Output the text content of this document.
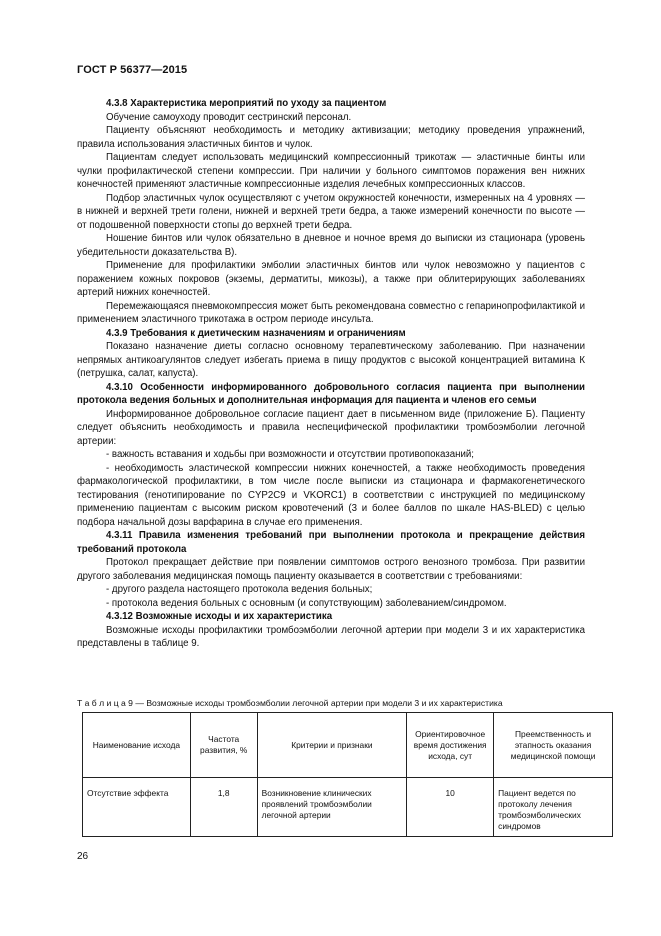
ГОСТ Р 56377—2015

4.3.8 Характеристика мероприятий по уходу за пациентом

Обучение самоуходу проводит сестринский персонал.

Пациенту объясняют необходимость и методику активизации; методику проведения упражнений, правила использования эластичных бинтов и чулок.

Пациентам следует использовать медицинский компрессионный трикотаж — эластичные бинты или чулки профилактической степени компрессии. При наличии у больного симптомов поражения вен нижних конечностей применяют эластичные компрессионные изделия лечебных компрессионных классов.

Подбор эластичных чулок осуществляют с учетом окружностей конечности, измеренных на 4 уровнях — в нижней и верхней трети голени, нижней и верхней трети бедра, а также измерений конечности по высоте — от подошвенной поверхности стопы до верхней трети бедра.

Ношение бинтов или чулок обязательно в дневное и ночное время до выписки из стационара (уровень убедительности доказательства В).

Применение для профилактики эмболии эластичных бинтов или чулок невозможно у пациентов с поражением кожных покровов (экземы, дерматиты, микозы), а также при облитерирующих заболеваниях артерий нижних конечностей.

Перемежающаяся пневмокомпрессия может быть рекомендована совместно с гепаринопрофилактикой и применением эластичного трикотажа в остром периоде инсульта.

4.3.9 Требования к диетическим назначениям и ограничениям

Показано назначение диеты согласно основному терапевтическому заболеванию. При назначении непрямых антикоагулянтов следует избегать приема в пищу продуктов с высокой концентрацией витамина К (петрушка, салат, капуста).

4.3.10 Особенности информированного добровольного согласия пациента при выполнении протокола ведения больных и дополнительная информация для пациента и членов его семьи

Информированное добровольное согласие пациент дает в письменном виде (приложение Б). Пациенту следует объяснить необходимость и правила неспецифической профилактики тромбоэмболии легочной артерии:

- важность вставания и ходьбы при возможности и отсутствии противопоказаний;

- необходимость эластической компрессии нижних конечностей, а также необходимость проведения фармакологической профилактики, в том числе после выписки из стационара и фармакогенетического тестирования (генотипирование по CYP2C9 и VKORC1) в соответствии с инструкцией по медицинскому применению пациентам с высоким риском кровотечений (3 и более баллов по шкале HAS-BLED) с целью подбора начальной дозы варфарина в случае его применения.

4.3.11 Правила изменения требований при выполнении протокола и прекращение действия требований протокола

Протокол прекращает действие при появлении симптомов острого венозного тромбоза. При развитии другого заболевания медицинская помощь пациенту оказывается в соответствии с требованиями:

- другого раздела настоящего протокола ведения больных;

- протокола ведения больных с основным (и сопутствующим) заболеванием/синдромом.

4.3.12 Возможные исходы и их характеристика

Возможные исходы профилактики тромбоэмболии легочной артерии при модели 3 и их характеристика представлены в таблице 9.

Т а б л и ц а 9 — Возможные исходы тромбоэмболии легочной артерии при модели 3 и их характеристика
Наименование исхода	Частота развития, %	Критерии и признаки	Ориентировочное время достижения исхода, сут	Преемственность и этапность оказания медицинской помощи
Отсутствие эффекта	1,8	Возникновение клинических проявлений тромбоэмболии легочной артерии	10	Пациент ведется по протоколу лечения тромбоэмболических синдромов
26
